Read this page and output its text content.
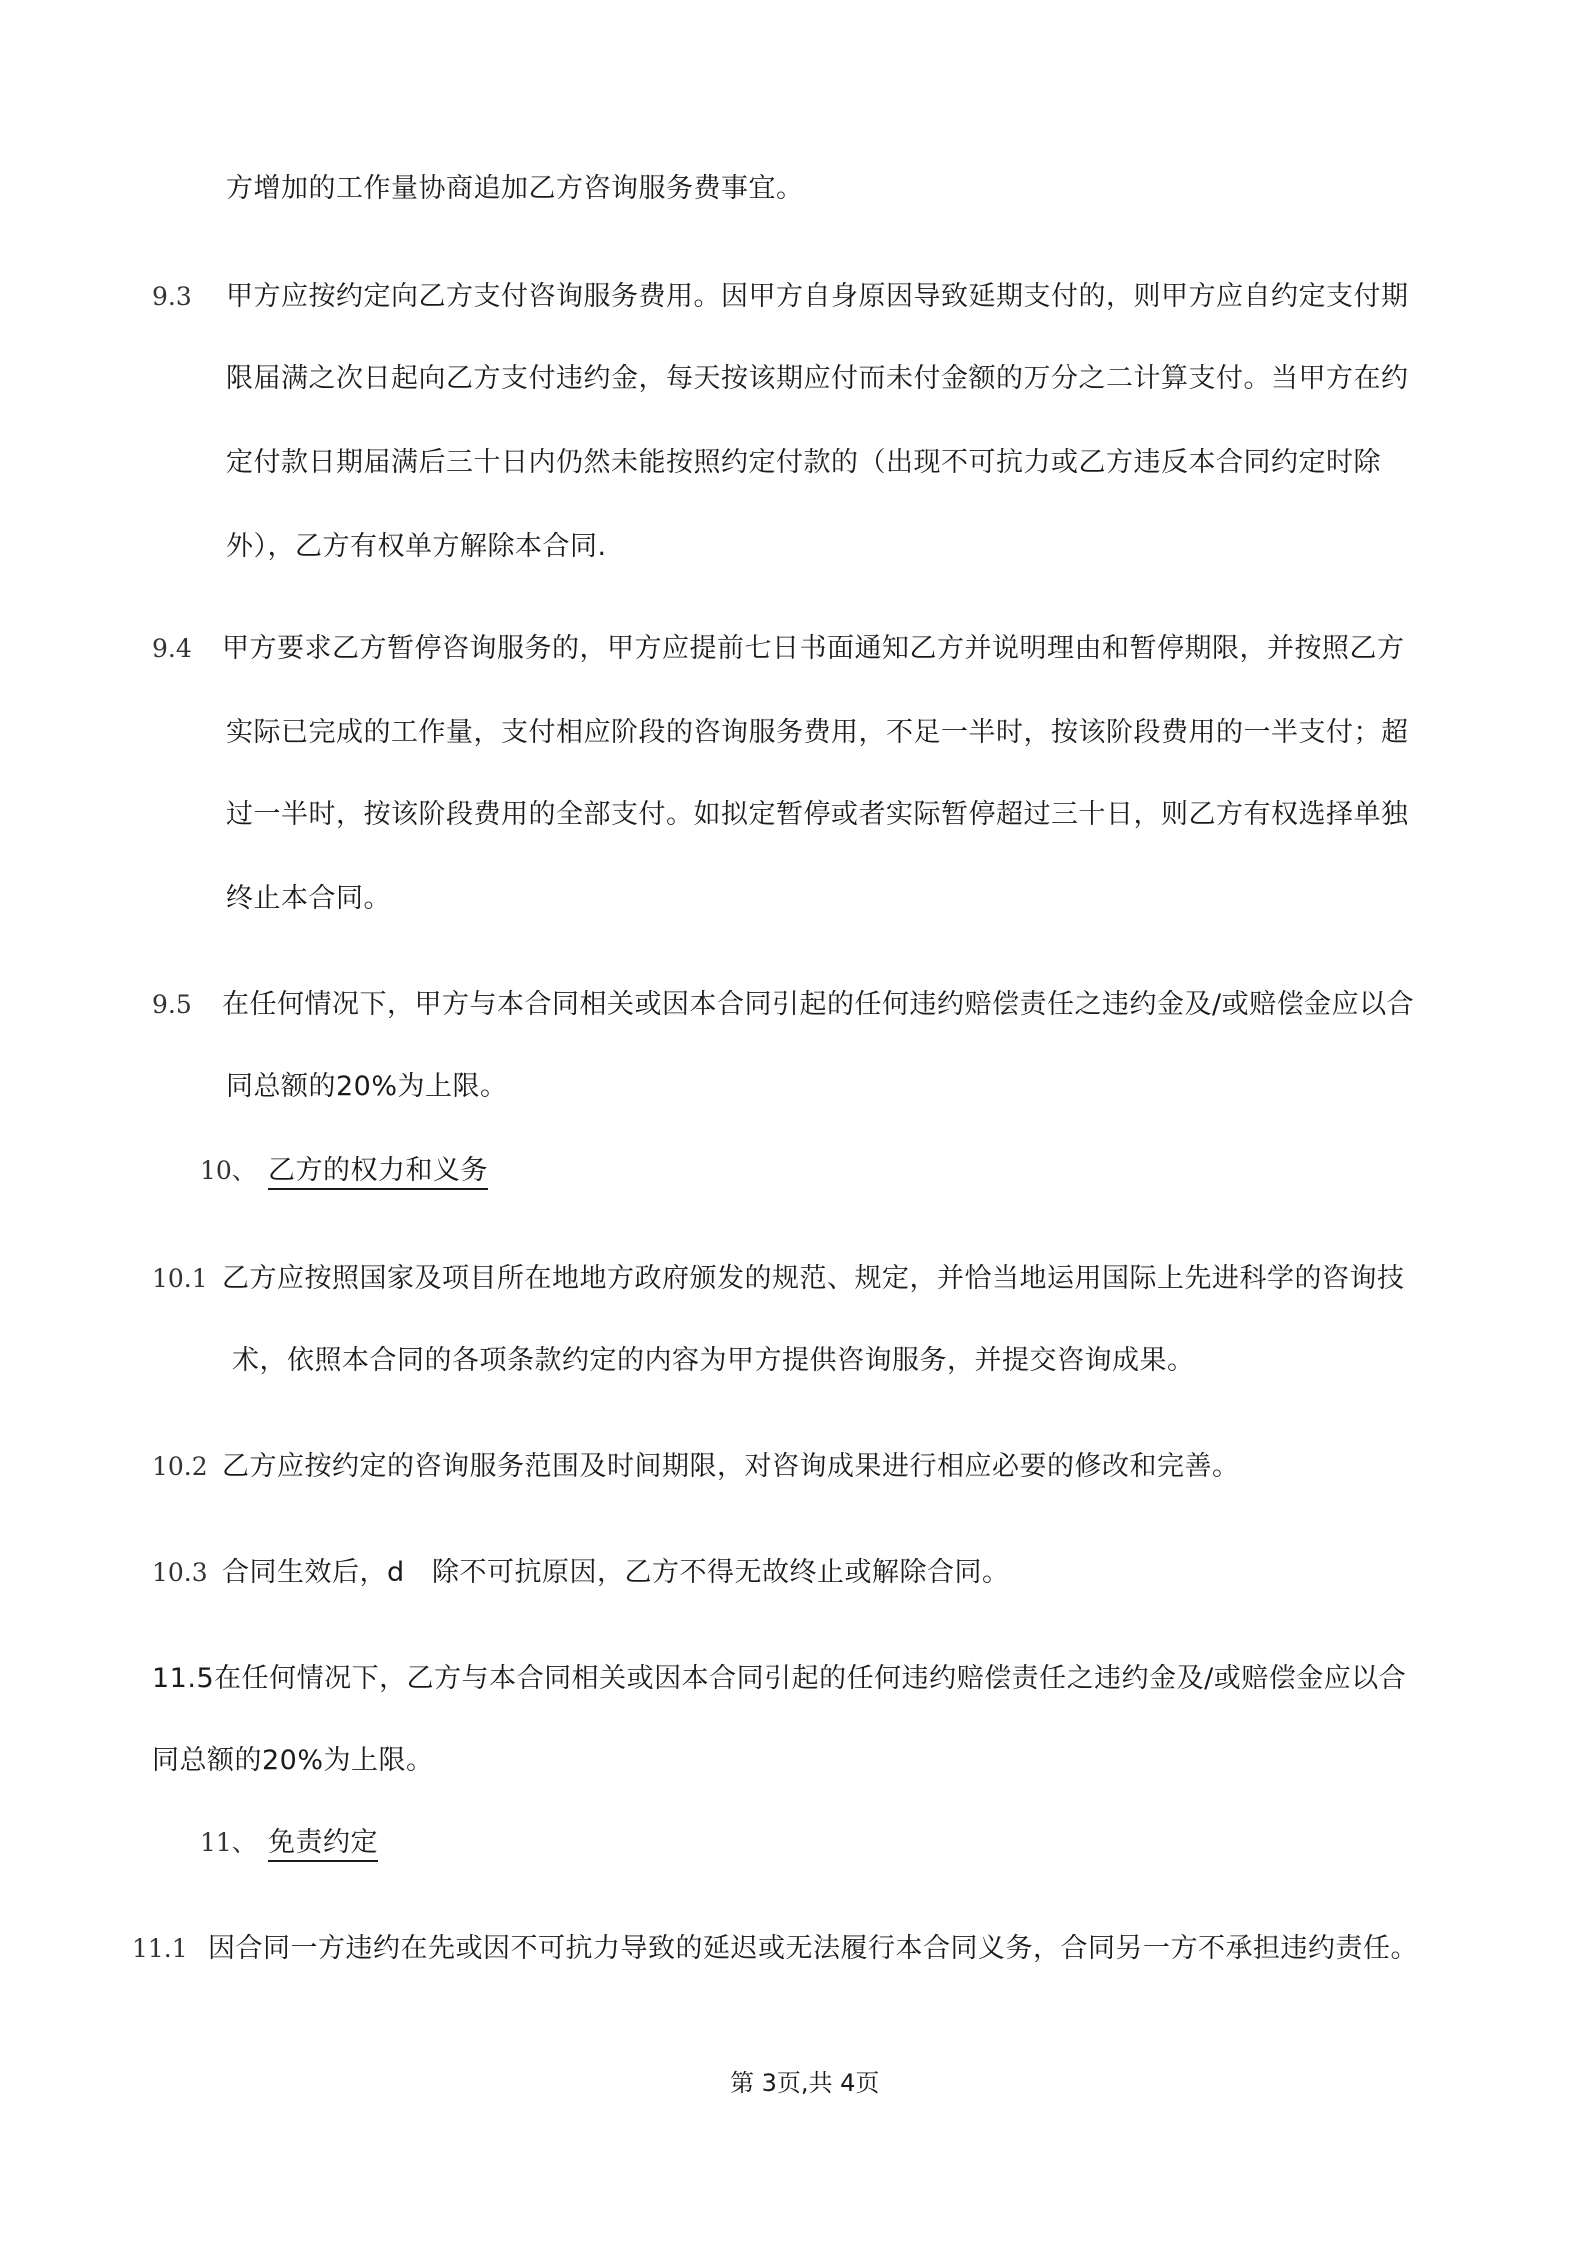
方增加的工作量协商追加乙方咨询服务费事宜。
9.3 甲方应按约定向乙方支付咨询服务费用。因甲方自身原因导致延期支付的，则甲方应自约定支付期
限届满之次日起向乙方支付违约金，每天按该期应付而未付金额的万分之二计算支付。当甲方在约
定付款日期届满后三十日内仍然未能按照约定付款的（出现不可抗力或乙方违反本合同约定时除
外），乙方有权单方解除本合同.
9.4 甲方要求乙方暂停咨询服务的，甲方应提前七日书面通知乙方并说明理由和暂停期限，并按照乙方
实际已完成的工作量，支付相应阶段的咨询服务费用，不足一半时，按该阶段费用的一半支付；超
过一半时，按该阶段费用的全部支付。如拟定暂停或者实际暂停超过三十日，则乙方有权选择单独
终止本合同。
9.5 在任何情况下，甲方与本合同相关或因本合同引起的任何违约赔偿责任之违约金及/或赔偿金应以合
同总额的20%为上限。
10、 乙方的权力和义务
10.1 乙方应按照国家及项目所在地地方政府颁发的规范、规定，并恰当地运用国际上先进科学的咨询技
术，依照本合同的各项条款约定的内容为甲方提供咨询服务，并提交咨询成果。
10.2 乙方应按约定的咨询服务范围及时间期限，对咨询成果进行相应必要的修改和完善。
10.3 合同生效后，d 除不可抗原因，乙方不得无故终止或解除合同。
11.5在任何情况下，乙方与本合同相关或因本合同引起的任何违约赔偿责任之违约金及/或赔偿金应以合
同总额的20%为上限。
11、 免责约定
11.1 因合同一方违约在先或因不可抗力导致的延迟或无法履行本合同义务，合同另一方不承担违约责任。
第 3页,共 4页
